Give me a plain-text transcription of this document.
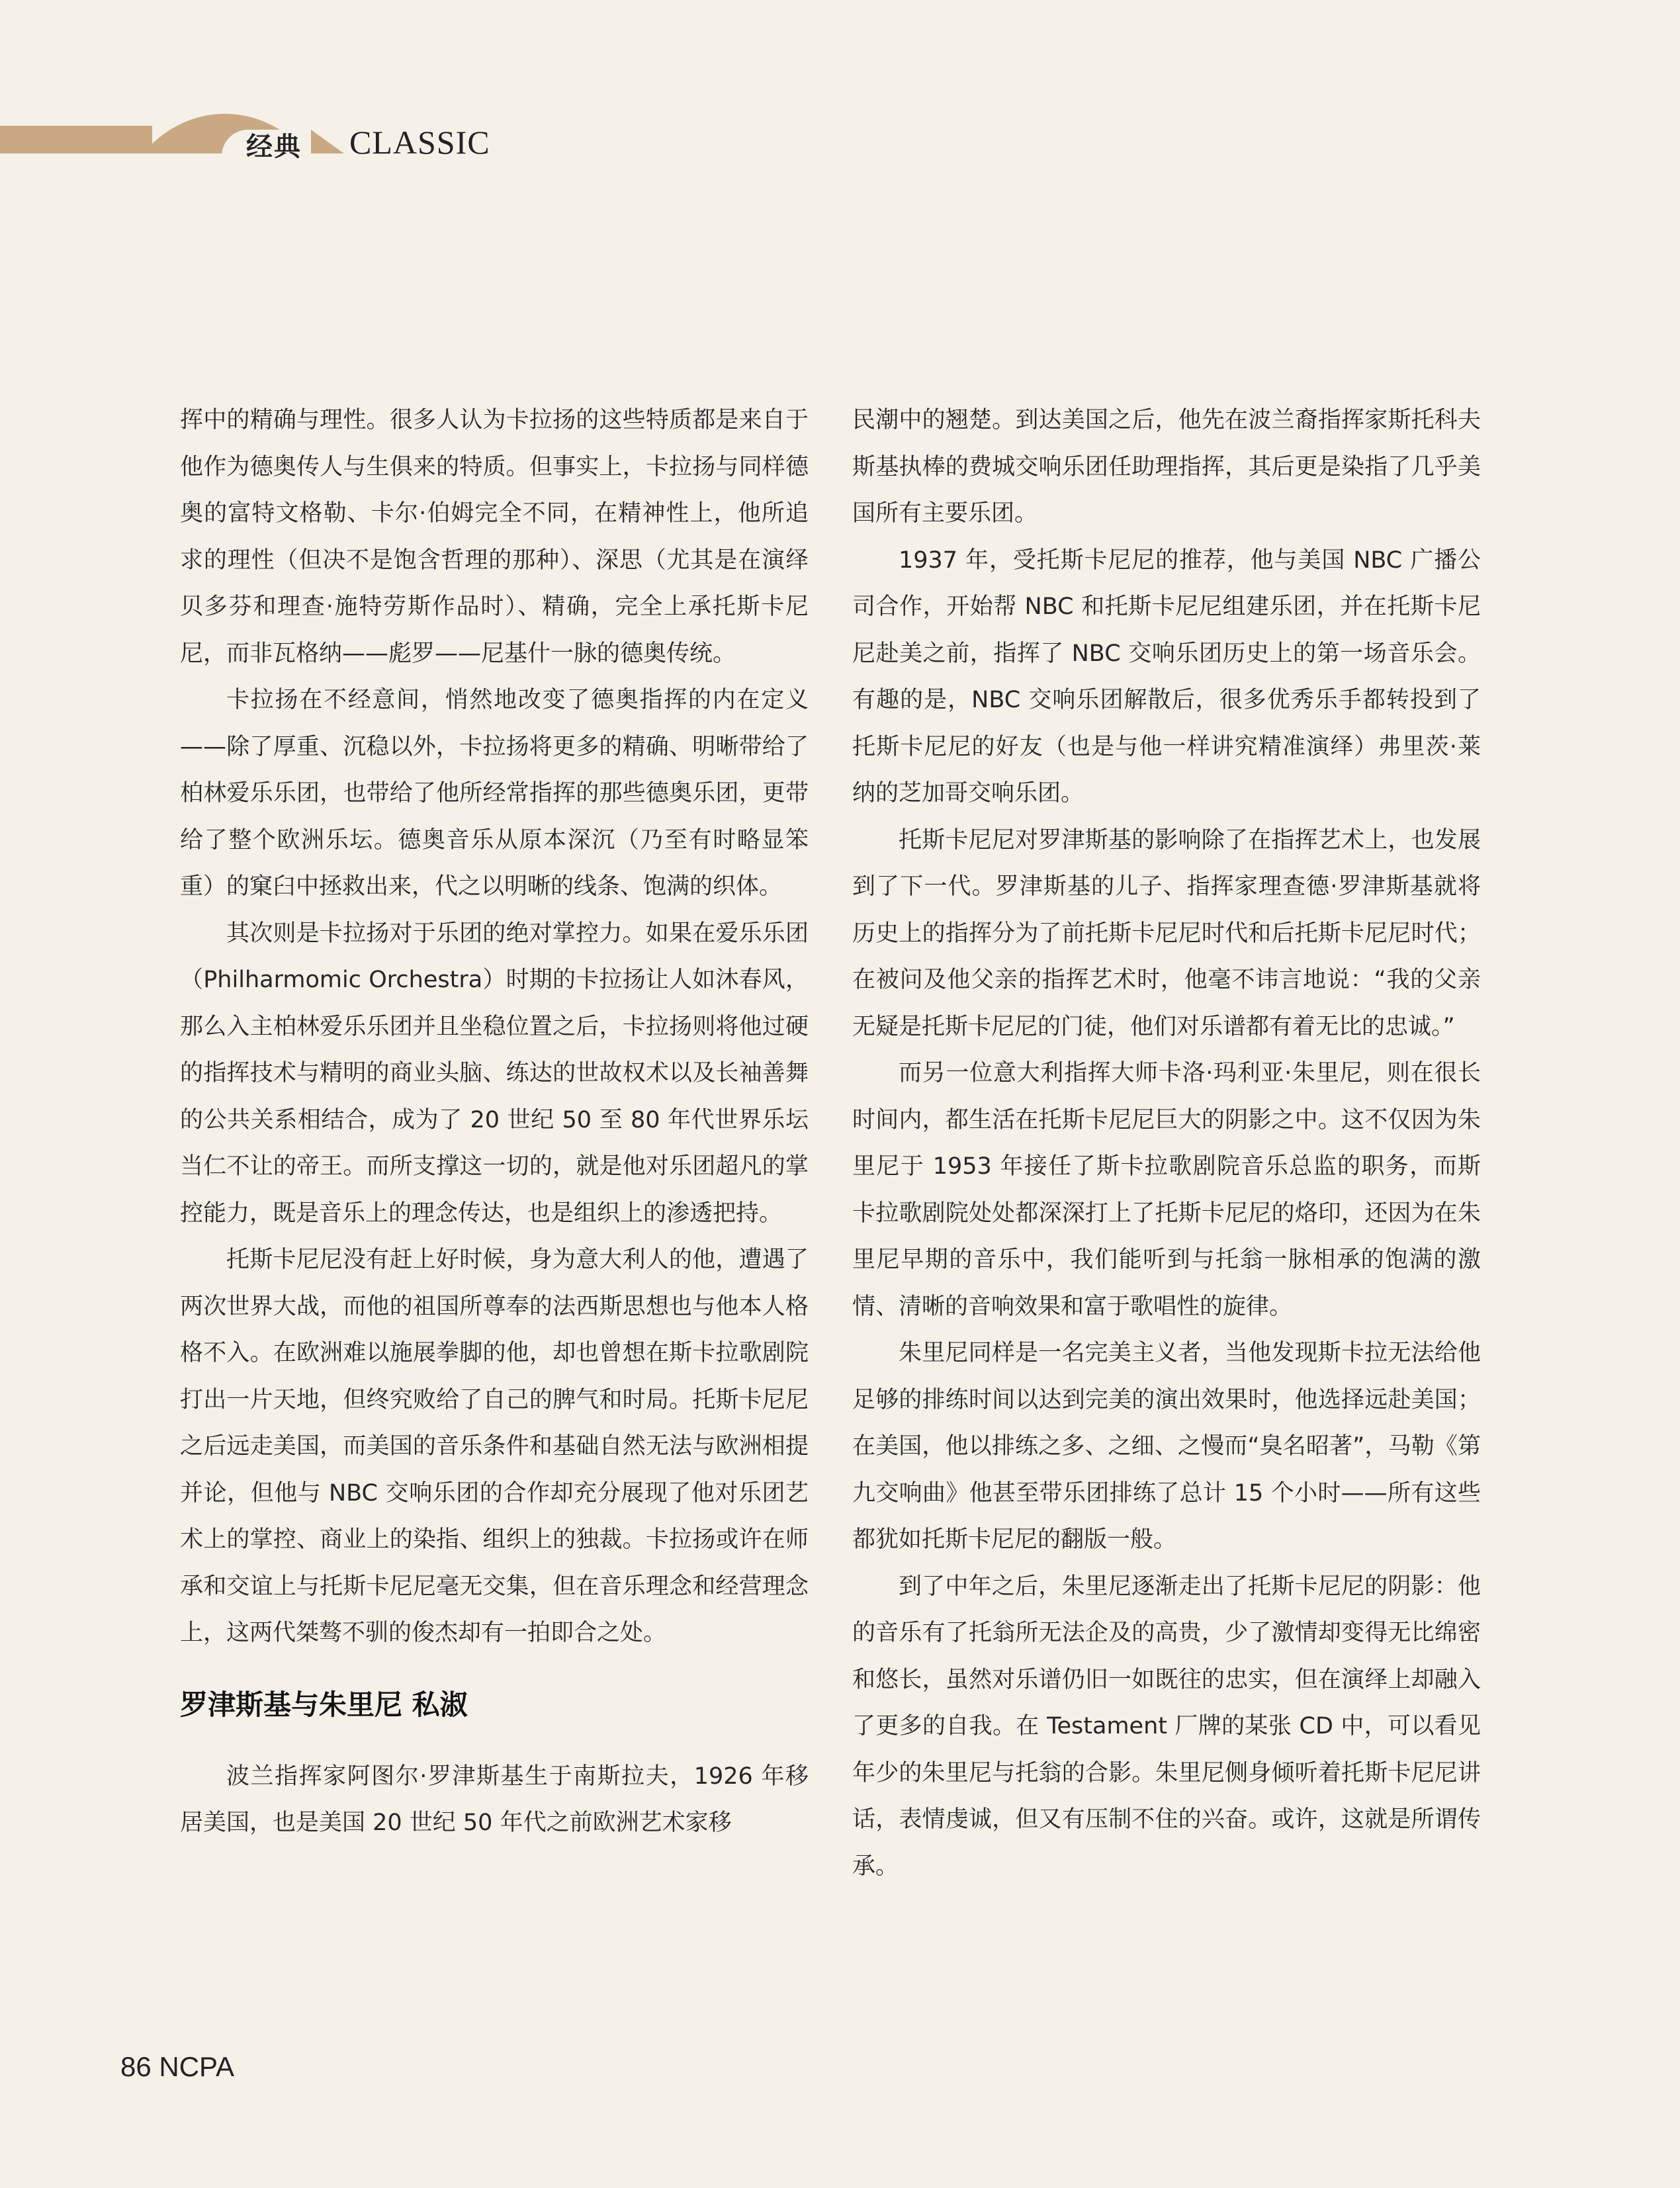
经典 CLASSIC

挥中的精确与理性。很多人认为卡拉扬的这些特质都是来自于他作为德奥传人与生俱来的特质。但事实上，卡拉扬与同样德奥的富特文格勒、卡尔·伯姆完全不同，在精神性上，他所追求的理性（但决不是饱含哲理的那种）、深思（尤其是在演绎贝多芬和理查·施特劳斯作品时）、精确，完全上承托斯卡尼尼，而非瓦格纳——彪罗——尼基什一脉的德奥传统。

卡拉扬在不经意间，悄然地改变了德奥指挥的内在定义——除了厚重、沉稳以外，卡拉扬将更多的精确、明晰带给了柏林爱乐乐团，也带给了他所经常指挥的那些德奥乐团，更带给了整个欧洲乐坛。德奥音乐从原本深沉（乃至有时略显笨重）的窠臼中拯救出来，代之以明晰的线条、饱满的织体。

其次则是卡拉扬对于乐团的绝对掌控力。如果在爱乐乐团（Philharmomic Orchestra）时期的卡拉扬让人如沐春风，那么入主柏林爱乐乐团并且坐稳位置之后，卡拉扬则将他过硬的指挥技术与精明的商业头脑、练达的世故权术以及长袖善舞的公共关系相结合，成为了 20 世纪 50 至 80 年代世界乐坛当仁不让的帝王。而所支撑这一切的，就是他对乐团超凡的掌控能力，既是音乐上的理念传达，也是组织上的渗透把持。

托斯卡尼尼没有赶上好时候，身为意大利人的他，遭遇了两次世界大战，而他的祖国所尊奉的法西斯思想也与他本人格格不入。在欧洲难以施展拳脚的他，却也曾想在斯卡拉歌剧院打出一片天地，但终究败给了自己的脾气和时局。托斯卡尼尼之后远走美国，而美国的音乐条件和基础自然无法与欧洲相提并论，但他与 NBC 交响乐团的合作却充分展现了他对乐团艺术上的掌控、商业上的染指、组织上的独裁。卡拉扬或许在师承和交谊上与托斯卡尼尼毫无交集，但在音乐理念和经营理念上，这两代桀骜不驯的俊杰却有一拍即合之处。

罗津斯基与朱里尼 私淑

波兰指挥家阿图尔·罗津斯基生于南斯拉夫，1926 年移居美国，也是美国 20 世纪 50 年代之前欧洲艺术家移

民潮中的翘楚。到达美国之后，他先在波兰裔指挥家斯托科夫斯基执棒的费城交响乐团任助理指挥，其后更是染指了几乎美国所有主要乐团。

1937 年，受托斯卡尼尼的推荐，他与美国 NBC 广播公司合作，开始帮 NBC 和托斯卡尼尼组建乐团，并在托斯卡尼尼赴美之前，指挥了 NBC 交响乐团历史上的第一场音乐会。有趣的是，NBC 交响乐团解散后，很多优秀乐手都转投到了托斯卡尼尼的好友（也是与他一样讲究精准演绎）弗里茨·莱纳的芝加哥交响乐团。

托斯卡尼尼对罗津斯基的影响除了在指挥艺术上，也发展到了下一代。罗津斯基的儿子、指挥家理查德·罗津斯基就将历史上的指挥分为了前托斯卡尼尼时代和后托斯卡尼尼时代；在被问及他父亲的指挥艺术时，他毫不讳言地说：“我的父亲无疑是托斯卡尼尼的门徒，他们对乐谱都有着无比的忠诚。”

而另一位意大利指挥大师卡洛·玛利亚·朱里尼，则在很长时间内，都生活在托斯卡尼尼巨大的阴影之中。这不仅因为朱里尼于 1953 年接任了斯卡拉歌剧院音乐总监的职务，而斯卡拉歌剧院处处都深深打上了托斯卡尼尼的烙印，还因为在朱里尼早期的音乐中，我们能听到与托翁一脉相承的饱满的激情、清晰的音响效果和富于歌唱性的旋律。

朱里尼同样是一名完美主义者，当他发现斯卡拉无法给他足够的排练时间以达到完美的演出效果时，他选择远赴美国；在美国，他以排练之多、之细、之慢而“臭名昭著”，马勒《第九交响曲》他甚至带乐团排练了总计 15 个小时——所有这些都犹如托斯卡尼尼的翻版一般。

到了中年之后，朱里尼逐渐走出了托斯卡尼尼的阴影：他的音乐有了托翁所无法企及的高贵，少了激情却变得无比绵密和悠长，虽然对乐谱仍旧一如既往的忠实，但在演绎上却融入了更多的自我。在 Testament 厂牌的某张 CD 中，可以看见年少的朱里尼与托翁的合影。朱里尼侧身倾听着托斯卡尼尼讲话，表情虔诚，但又有压制不住的兴奋。或许，这就是所谓传承。

86 NCPA
